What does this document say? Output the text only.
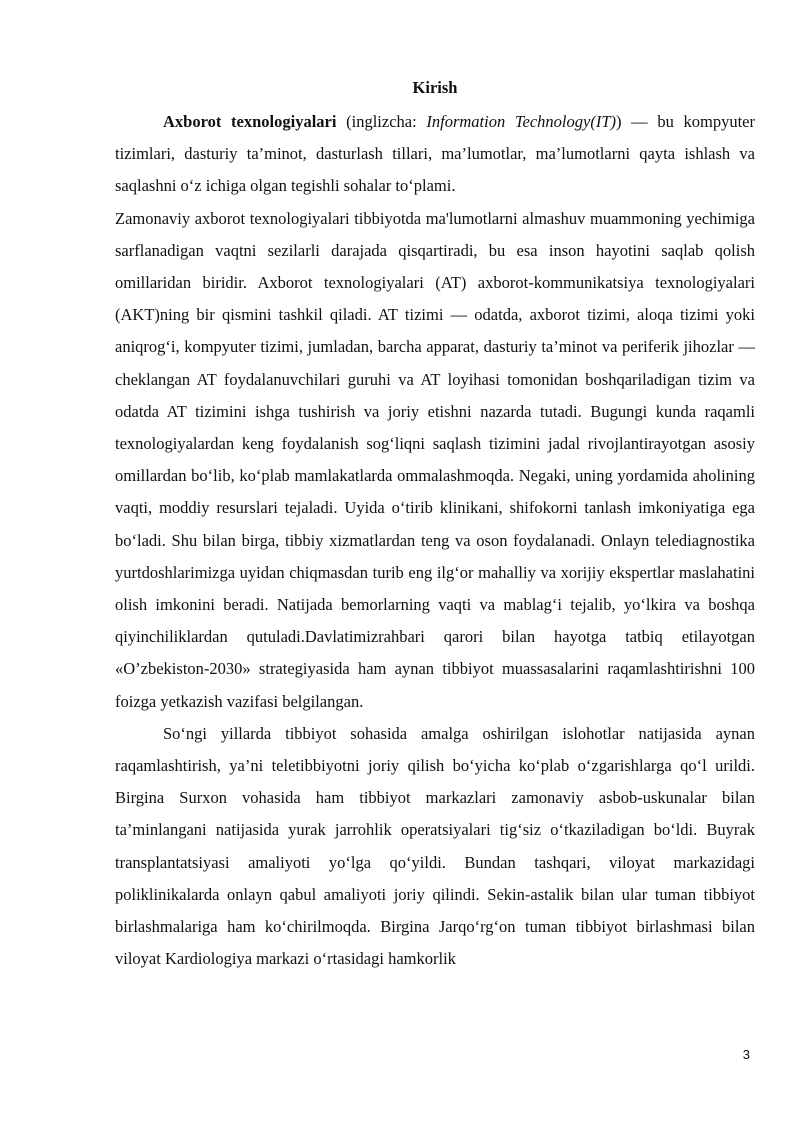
Kirish

Axborot texnologiyalari (inglizcha: Information Technology(IT)) — bu kompyuter tizimlari, dasturiy ta’minot, dasturlash tillari, ma’lumotlar, ma’lumotlarni qayta ishlash va saqlashni o‘z ichiga olgan tegishli sohalar to‘plami.

Zamonaviy axborot texnologiyalari tibbiyotda ma'lumotlarni almashuv muammoning yechimiga sarflanadigan vaqtni sezilarli darajada qisqartiradi, bu esa inson hayotini saqlab qolish omillaridan biridir. Axborot texnologiyalari (AT) axborot-kommunikatsiya texnologiyalari (AKT)ning bir qismini tashkil qiladi. AT tizimi — odatda, axborot tizimi, aloqa tizimi yoki aniqrog‘i, kompyuter tizimi, jumladan, barcha apparat, dasturiy ta’minot va periferik jihozlar — cheklangan AT foydalanuvchilari guruhi va AT loyihasi tomonidan boshqariladigan tizim va odatda AT tizimini ishga tushirish va joriy etishni nazarda tutadi. Bugungi kunda raqamli texnologiyalardan keng foydalanish sog‘liqni saqlash tizimini jadal rivojlantirayotgan asosiy omillardan bo‘lib, ko‘plab mamlakatlarda ommalashmoqda. Negaki, uning yordamida aholining vaqti, moddiy resurslari tejaladi. Uyida o‘tirib klinikani, shifokorni tanlash imkoniyatiga ega bo‘ladi. Shu bilan birga, tibbiy xizmatlardan teng va oson foydalanadi. Onlayn telediagnostika yurtdoshlarimizga uyidan chiqmasdan turib eng ilg‘or mahalliy va xorijiy ekspertlar maslahatini olish imkonini beradi. Natijada bemorlarning vaqti va mablag‘i tejalib, yo‘lkira va boshqa qiyinchiliklardan qutuladi.Davlatimizrahbari qarori bilan hayotga tatbiq etilayotgan «O’zbekiston-2030» strategiyasida ham aynan tibbiyot muassasalarini raqamlashtirishni 100 foizga yetkazish vazifasi belgilangan.

So‘ngi yillarda tibbiyot sohasida amalga oshirilgan islohotlar natijasida aynan raqamlashtirish, ya’ni teletibbiyotni joriy qilish bo‘yicha ko‘plab o‘zgarishlarga qo‘l urildi. Birgina Surxon vohasida ham tibbiyot markazlari zamonaviy asbob-uskunalar bilan ta’minlangani natijasida yurak jarrohlik operatsiyalari tig‘siz o‘tkaziladigan bo‘ldi. Buyrak transplantatsiyasi amaliyoti yo‘lga qo‘yildi. Bundan tashqari, viloyat markazidagi poliklinikalarda onlayn qabul amaliyoti joriy qilindi. Sekin-astalik bilan ular tuman tibbiyot birlashmalariga ham ko‘chirilmoqda. Birgina Jarqo‘rg‘on tuman tibbiyot birlashmasi bilan viloyat Kardiologiya markazi o‘rtasidagi hamkorlik

3
